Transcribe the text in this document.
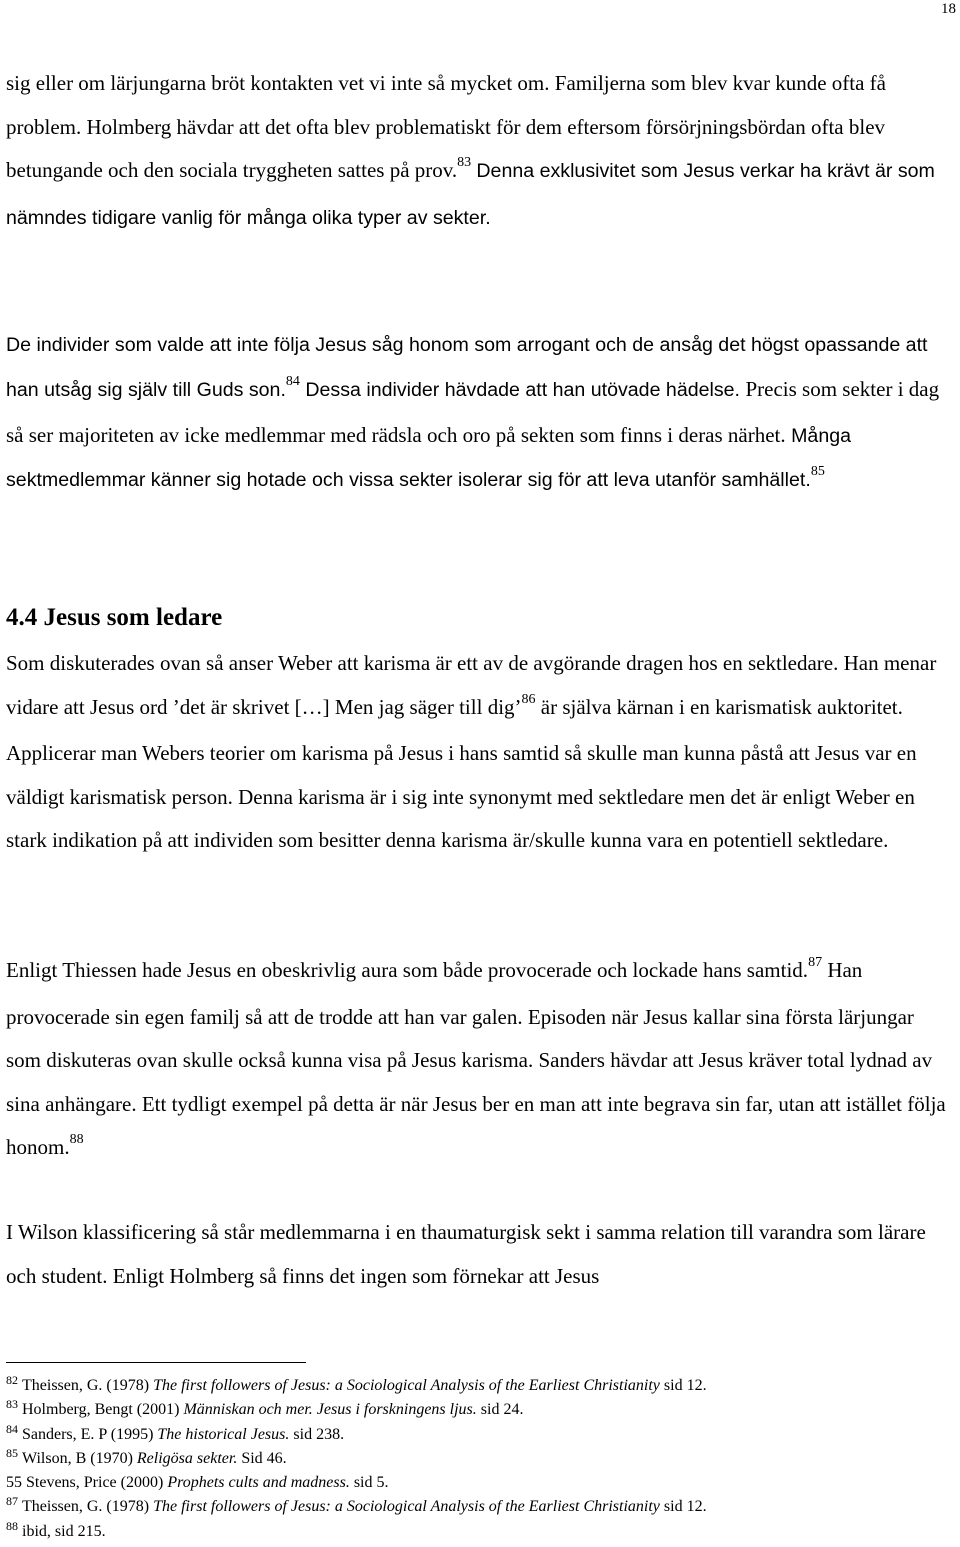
18

sig eller om lärjungarna bröt kontakten vet vi inte så mycket om. Familjerna som blev kvar kunde ofta få problem. Holmberg hävdar att det ofta blev problematiskt för dem eftersom försörjningsbördan ofta blev betungande och den sociala tryggheten sattes på prov.$^{83}$ Denna exklusivitet som Jesus verkar ha krävt är som nämndes tidigare vanlig för många olika typer av sekter.

De individer som valde att inte följa Jesus såg honom som arrogant och de ansåg det högst opassande att han utsåg sig själv till Guds son.$^{84}$ Dessa individer hävdade att han utövade hädelse. Precis som sekter i dag så ser majoriteten av icke medlemmar med rädsla och oro på sekten som finns i deras närhet. Många sektmedlemmar känner sig hotade och vissa sekter isolerar sig för att leva utanför samhället.$^{85}$

4.4 Jesus som ledare

Som diskuterades ovan så anser Weber att karisma är ett av de avgörande dragen hos en sektledare. Han menar vidare att Jesus ord ’det är skrivet […] Men jag säger till dig’$^{86}$ är själva kärnan i en karismatisk auktoritet. Applicerar man Webers teorier om karisma på Jesus i hans samtid så skulle man kunna påstå att Jesus var en väldigt karismatisk person. Denna karisma är i sig inte synonymt med sektledare men det är enligt Weber en stark indikation på att individen som besitter denna karisma är/skulle kunna vara en potentiell sektledare.

Enligt Thiessen hade Jesus en obeskrivlig aura som både provocerade och lockade hans samtid.$^{87}$ Han provocerade sin egen familj så att de trodde att han var galen. Episoden när Jesus kallar sina första lärjungar som diskuteras ovan skulle också kunna visa på Jesus karisma. Sanders hävdar att Jesus kräver total lydnad av sina anhängare. Ett tydligt exempel på detta är när Jesus ber en man att inte begrava sin far, utan att istället följa honom.$^{88}$

I Wilson klassificering så står medlemmarna i en thaumaturgisk sekt i samma relation till varandra som lärare och student. Enligt Holmberg så finns det ingen som förnekar att Jesus

$^{82}$ Theissen, G. (1978) The first followers of Jesus: a Sociological Analysis of the Earliest Christianity sid 12.
$^{83}$ Holmberg, Bengt (2001) Människan och mer. Jesus i forskningens ljus. sid 24.
$^{84}$ Sanders, E. P (1995) The historical Jesus. sid 238.
$^{85}$ Wilson, B (1970) Religösa sekter. Sid 46.
55 Stevens, Price (2000) Prophets cults and madness. sid 5.
$^{87}$ Theissen, G. (1978) The first followers of Jesus: a Sociological Analysis of the Earliest Christianity sid 12.
$^{88}$ ibid, sid 215.
